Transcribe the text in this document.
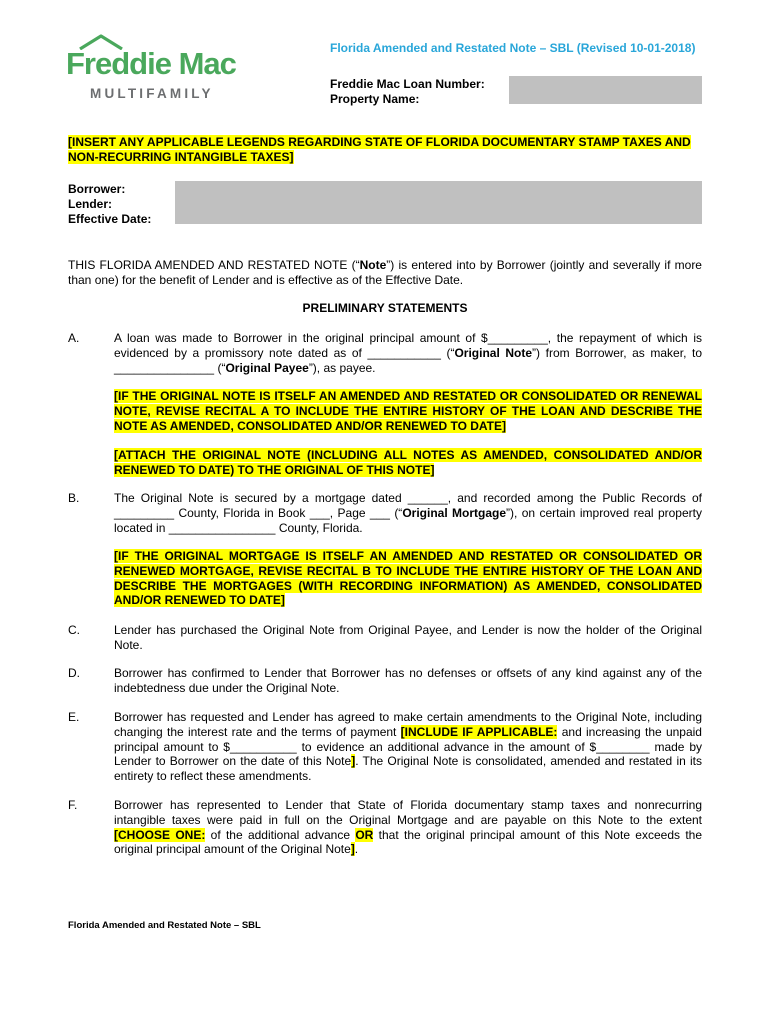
Freddie Mac
MULTIFAMILY
Florida Amended and Restated Note – SBL (Revised 10-01-2018)
Freddie Mac Loan Number:
Property Name:
[INSERT ANY APPLICABLE LEGENDS REGARDING STATE OF FLORIDA DOCUMENTARY STAMP TAXES AND NON-RECURRING INTANGIBLE TAXES]
Borrower:
Lender:
Effective Date:
THIS FLORIDA AMENDED AND RESTATED NOTE (“Note”) is entered into by Borrower (jointly and severally if more than one) for the benefit of Lender and is effective as of the Effective Date.
PRELIMINARY STATEMENTS
A.	A loan was made to Borrower in the original principal amount of $_________, the repayment of which is evidenced by a promissory note dated as of ___________ (“Original Note”) from Borrower, as maker, to _______________ (“Original Payee”), as payee.
[IF THE ORIGINAL NOTE IS ITSELF AN AMENDED AND RESTATED OR CONSOLIDATED OR RENEWAL NOTE, REVISE RECITAL A TO INCLUDE THE ENTIRE HISTORY OF THE LOAN AND DESCRIBE THE NOTE AS AMENDED, CONSOLIDATED AND/OR RENEWED TO DATE]
[ATTACH THE ORIGINAL NOTE (INCLUDING ALL NOTES AS AMENDED, CONSOLIDATED AND/OR RENEWED TO DATE) TO THE ORIGINAL OF THIS NOTE]
B.	The Original Note is secured by a mortgage dated ______, and recorded among the Public Records of _________ County, Florida in Book ___, Page ___ (“Original Mortgage”), on certain improved real property located in ________________ County, Florida.
[IF THE ORIGINAL MORTGAGE IS ITSELF AN AMENDED AND RESTATED OR CONSOLIDATED OR RENEWED MORTGAGE, REVISE RECITAL B TO INCLUDE THE ENTIRE HISTORY OF THE LOAN AND DESCRIBE THE MORTGAGES (WITH RECORDING INFORMATION) AS AMENDED, CONSOLIDATED AND/OR RENEWED TO DATE]
C.	Lender has purchased the Original Note from Original Payee, and Lender is now the holder of the Original Note.
D.	Borrower has confirmed to Lender that Borrower has no defenses or offsets of any kind against any of the indebtedness due under the Original Note.
E.	Borrower has requested and Lender has agreed to make certain amendments to the Original Note, including changing the interest rate and the terms of payment [INCLUDE IF APPLICABLE: and increasing the unpaid principal amount to $__________ to evidence an additional advance in the amount of $________ made by Lender to Borrower on the date of this Note]. The Original Note is consolidated, amended and restated in its entirety to reflect these amendments.
F.	Borrower has represented to Lender that State of Florida documentary stamp taxes and nonrecurring intangible taxes were paid in full on the Original Mortgage and are payable on this Note to the extent [CHOOSE ONE: of the additional advance OR that the original principal amount of this Note exceeds the original principal amount of the Original Note].
Florida Amended and Restated Note – SBL
